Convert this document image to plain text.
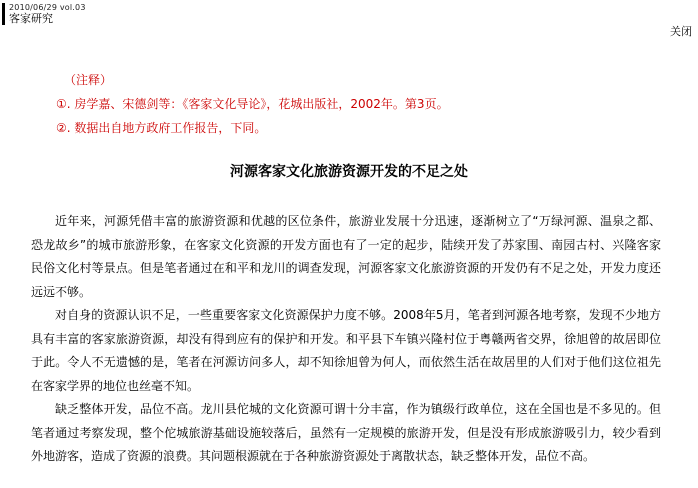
2010/06/29 vol.03
客家研究
关闭
（注释）
①. 房学嘉、宋德剑等：《客家文化导论》，花城出版社，2002年。第3页。
②. 数据出自地方政府工作报告，下同。
河源客家文化旅游资源开发的不足之处

近年来，河源凭借丰富的旅游资源和优越的区位条件，旅游业发展十分迅速，逐渐树立了“万绿河源、温泉之都、恐龙故乡”的城市旅游形象，在客家文化资源的开发方面也有了一定的起步，陆续开发了苏家围、南园古村、兴隆客家民俗文化村等景点。但是笔者通过在和平和龙川的调查发现，河源客家文化旅游资源的开发仍有不足之处，开发力度还远远不够。

对自身的资源认识不足，一些重要客家文化资源保护力度不够。2008年5月，笔者到河源各地考察，发现不少地方具有丰富的客家旅游资源，却没有得到应有的保护和开发。和平县下车镇兴隆村位于粤赣两省交界，徐旭曾的故居即位于此。令人不无遗憾的是，笔者在河源访问多人，却不知徐旭曾为何人，而依然生活在故居里的人们对于他们这位祖先在客家学界的地位也丝毫不知。

缺乏整体开发，品位不高。龙川县佗城的文化资源可谓十分丰富，作为镇级行政单位，这在全国也是不多见的。但笔者通过考察发现，整个佗城旅游基础设施较落后，虽然有一定规模的旅游开发，但是没有形成旅游吸引力，较少看到外地游客，造成了资源的浪费。其问题根源就在于各种旅游资源处于离散状态，缺乏整体开发，品位不高。
